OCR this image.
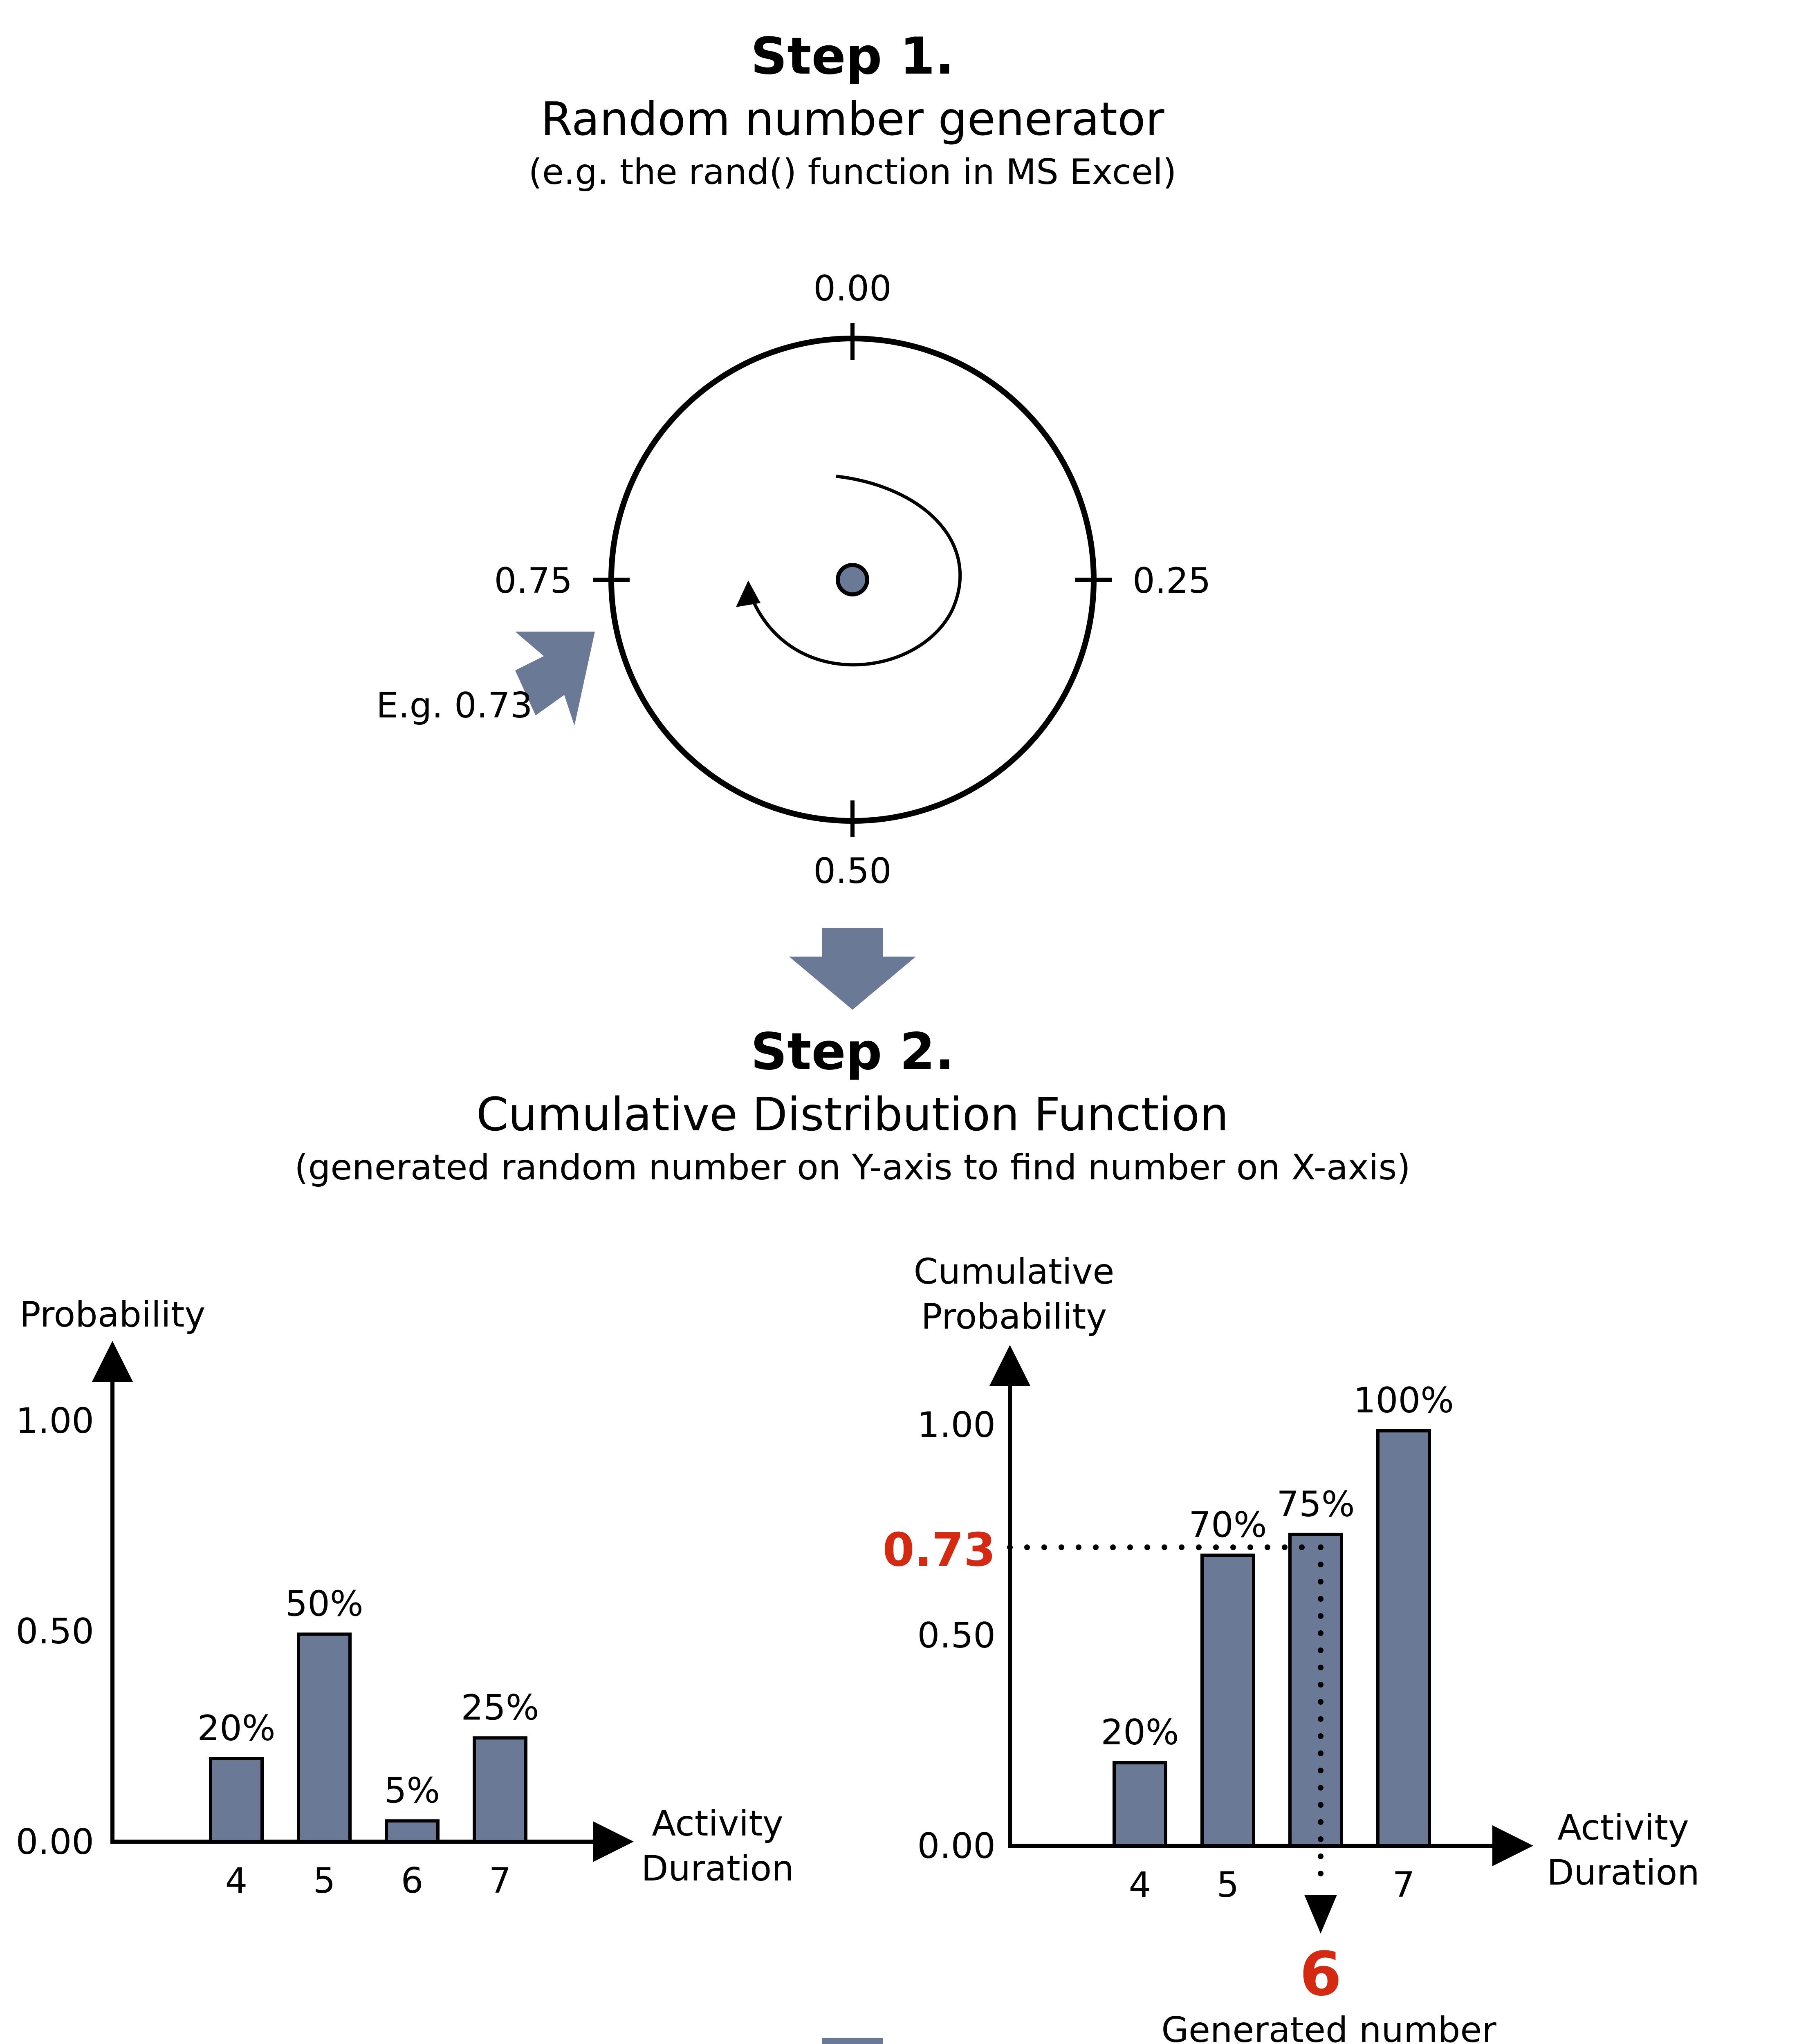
Step 1.
Random number generator
(e.g. the rand() function in MS Excel)
0.00
0.25
0.50
0.75
E.g. 0.73
Step 2.
Cumulative Distribution Function
(generated random number on Y-axis to find number on X-axis)
Probability
1.00
0.50
0.00	Activity
Duration
20%
4
50%
5
5%
6
25%
7
Cumulative
Probability
1.00
0.50
0.00	Activity
Duration
20%
4
70%
5
75%
100%
7
0.73
6
Generated number
